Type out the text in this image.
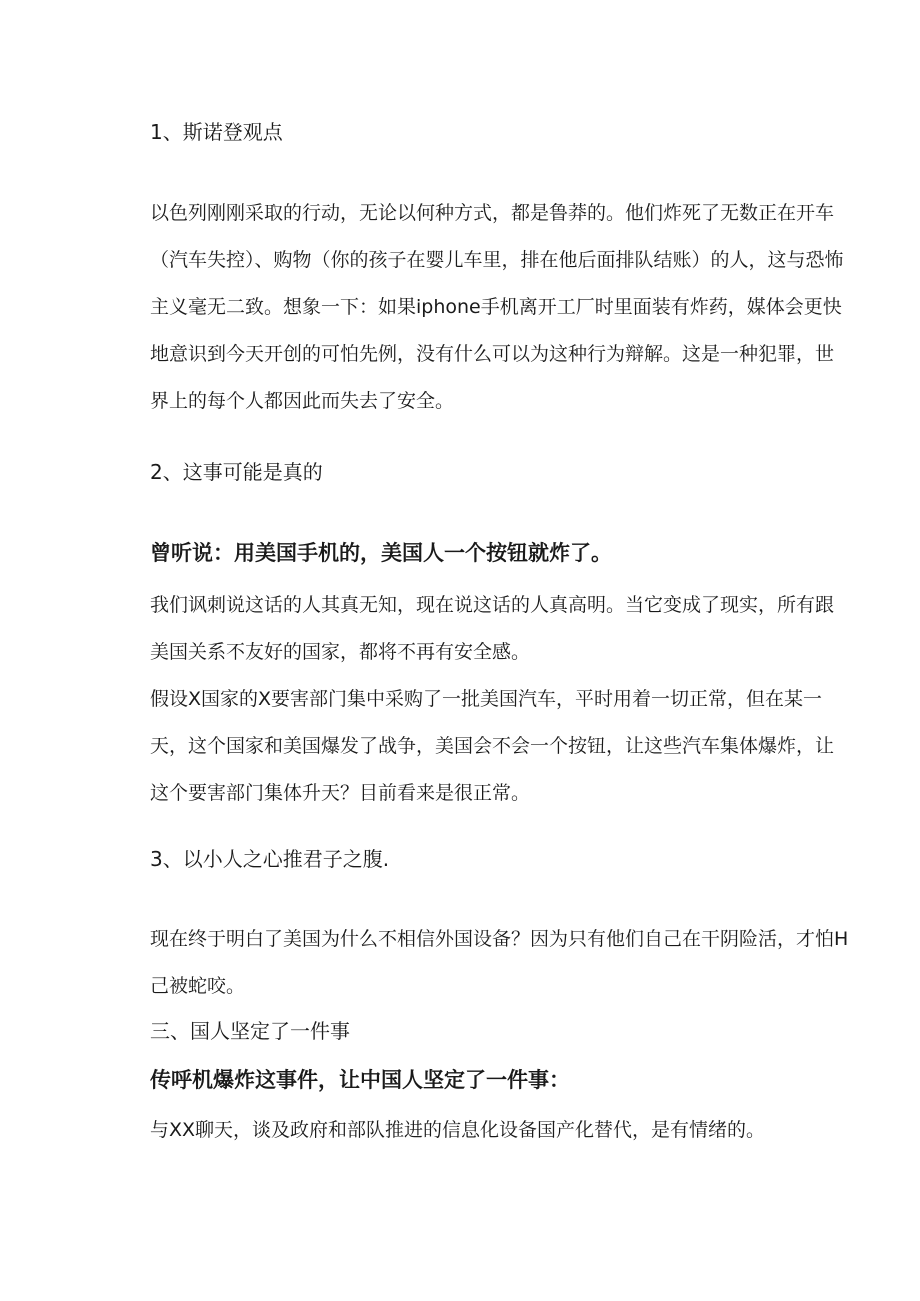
1、斯诺登观点
以色列刚刚采取的行动，无论以何种方式，都是鲁莽的。他们炸死了无数正在开车（汽车失控）、购物（你的孩子在婴儿车里，排在他后面排队结账）的人，这与恐怖主义毫无二致。想象一下：如果iphone手机离开工厂时里面装有炸药，媒体会更快地意识到今天开创的可怕先例，没有什么可以为这种行为辩解。这是一种犯罪，世界上的每个人都因此而失去了安全。
2、这事可能是真的
曾听说：用美国手机的，美国人一个按钮就炸了。
我们讽刺说这话的人其真无知，现在说这话的人真高明。当它变成了现实，所有跟美国关系不友好的国家，都将不再有安全感。
假设X国家的X要害部门集中采购了一批美国汽车，平时用着一切正常，但在某一天，这个国家和美国爆发了战争，美国会不会一个按钮，让这些汽车集体爆炸，让这个要害部门集体升天？目前看来是很正常。
3、以小人之心推君子之腹.
现在终于明白了美国为什么不相信外国设备？因为只有他们自己在干阴险活，才怕H己被蛇咬。
三、国人坚定了一件事
传呼机爆炸这事件，让中国人坚定了一件事：
与XX聊天，谈及政府和部队推进的信息化设备国产化替代，是有情绪的。
